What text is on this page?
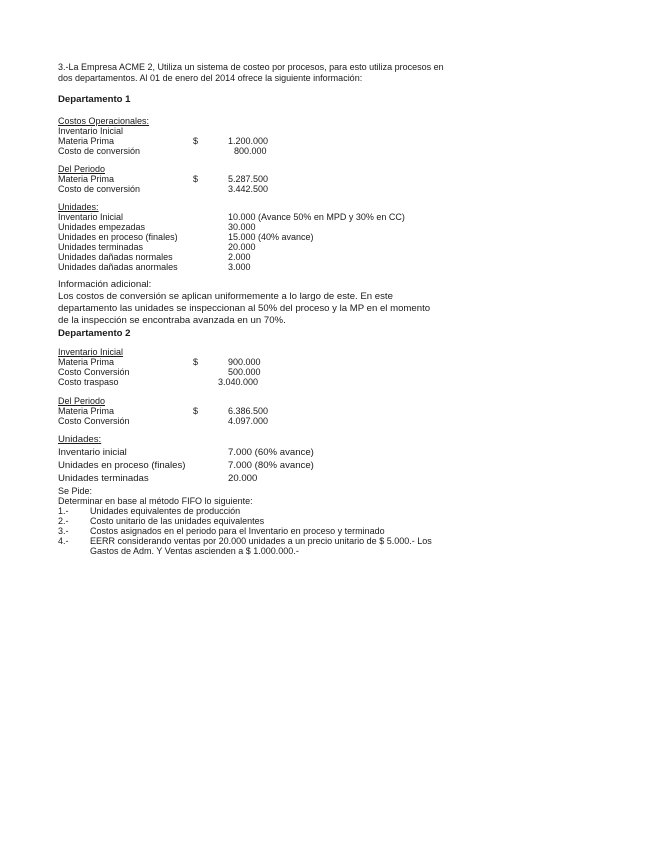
3.-La Empresa ACME 2, Utiliza un sistema de costeo por procesos, para esto utiliza procesos en
dos departamentos. Al 01 de enero del 2014 ofrece la siguiente información:
Departamento 1
Costos Operacionales:
Inventario Inicial
Materia Prima	$	1.200.000
Costo de conversión	800.000
Del Periodo
Materia Prima	$	5.287.500
Costo de conversión	3.442.500
Unidades:
Inventario Inicial	10.000 (Avance 50% en MPD y 30% en CC)
Unidades empezadas	30.000
Unidades en proceso (finales)	15.000 (40% avance)
Unidades terminadas	20.000
Unidades dañadas normales	2.000
Unidades dañadas anormales	3.000
Información adicional:
Los costos de conversión se aplican uniformemente a lo largo de este. En este
departamento las unidades se inspeccionan al 50% del proceso y la MP en el momento
de la inspección se encontraba avanzada en un 70%.
Departamento 2
Inventario Inicial
Materia Prima	$	900.000
Costo Conversión	500.000
Costo traspaso	3.040.000
Del Periodo
Materia Prima	$	6.386.500
Costo Conversión	4.097.000
Unidades:
Inventario inicial	7.000 (60% avance)
Unidades en proceso (finales)	7.000 (80% avance)
Unidades terminadas	20.000
Se Pide:
Determinar en base al método FIFO lo siguiente:
1.- Unidades equivalentes de producción
2.- Costo unitario de las unidades equivalentes
3.- Costos asignados en el periodo para el Inventario en proceso y terminado
4.- EERR considerando ventas por 20.000 unidades a un precio unitario de $ 5.000.- Los
Gastos de Adm. Y Ventas ascienden a $ 1.000.000.-
